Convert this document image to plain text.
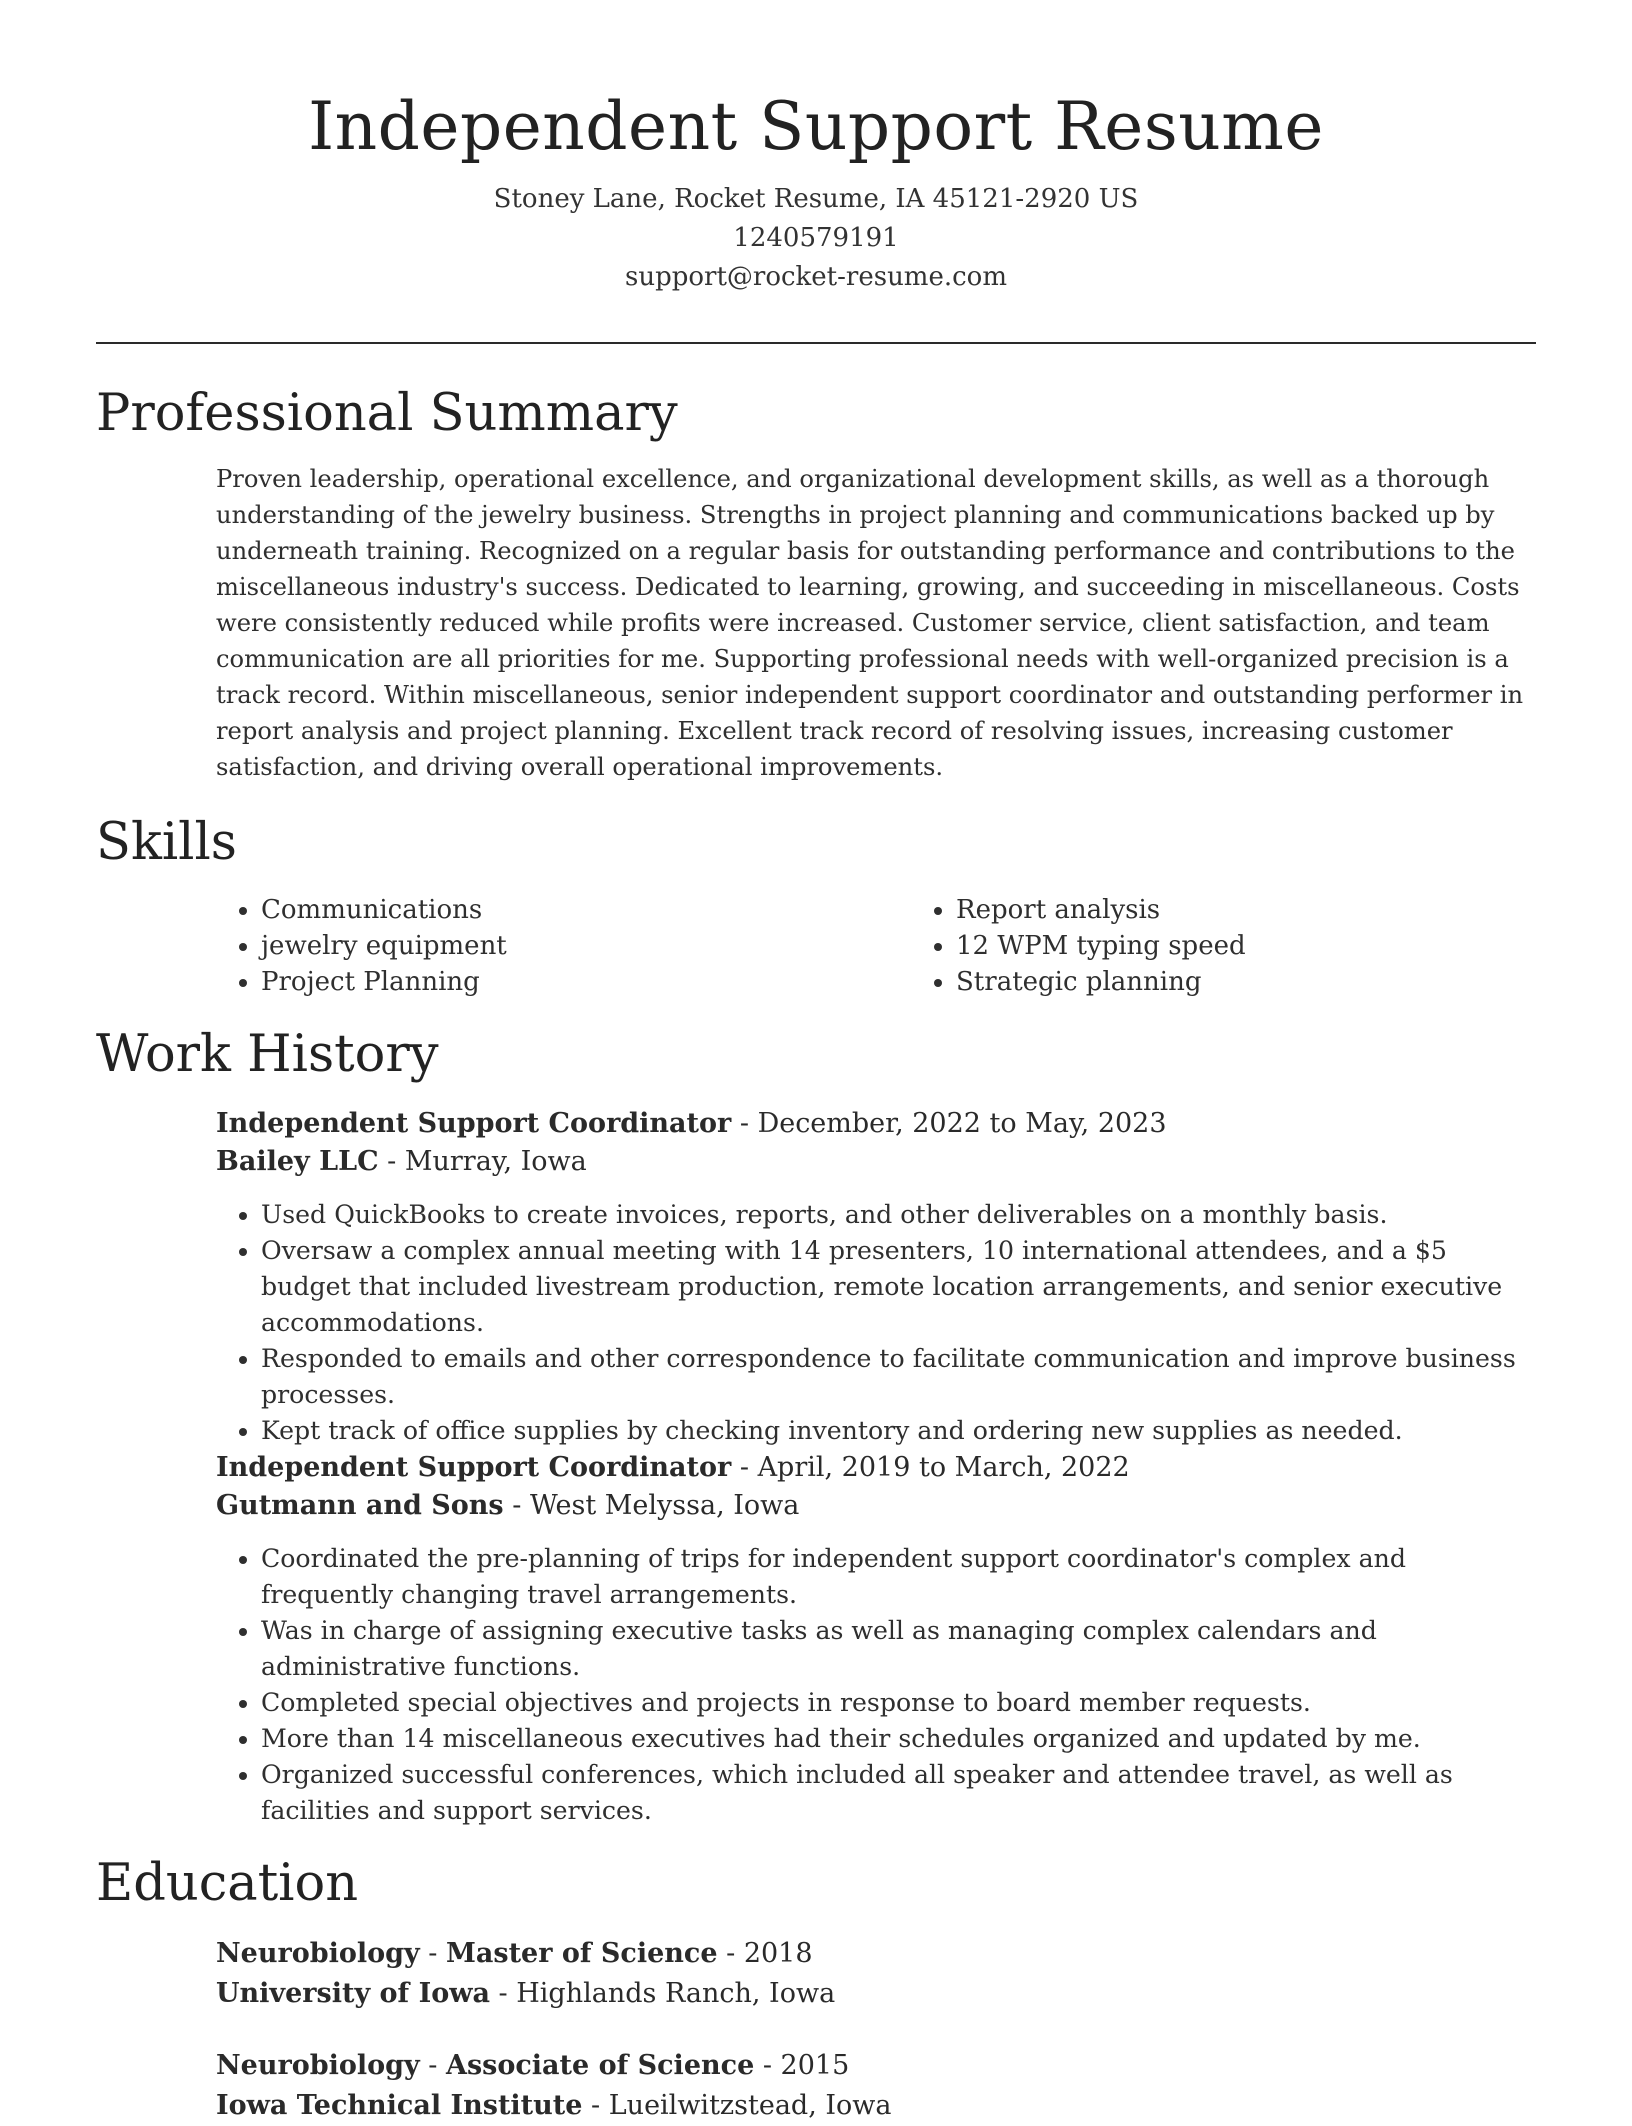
Independent Support Resume
Stoney Lane, Rocket Resume, IA 45121-2920 US
1240579191
support@rocket-resume.com
Professional Summary

Proven leadership, operational excellence, and organizational development skills, as well as a thorough understanding of the jewelry business. Strengths in project planning and communications backed up by underneath training. Recognized on a regular basis for outstanding performance and contributions to the miscellaneous industry's success. Dedicated to learning, growing, and succeeding in miscellaneous. Costs were consistently reduced while profits were increased. Customer service, client satisfaction, and team communication are all priorities for me. Supporting professional needs with well-organized precision is a track record. Within miscellaneous, senior independent support coordinator and outstanding performer in report analysis and project planning. Excellent track record of resolving issues, increasing customer satisfaction, and driving overall operational improvements.

Skills
• Communications
• jewelry equipment
• Project Planning
• Report analysis
• 12 WPM typing speed
• Strategic planning
Work History
Independent Support Coordinator - December, 2022 to May, 2023
Bailey LLC - Murray, Iowa
• Used QuickBooks to create invoices, reports, and other deliverables on a monthly basis.
• Oversaw a complex annual meeting with 14 presenters, 10 international attendees, and a $5 budget that included livestream production, remote location arrangements, and senior executive accommodations.
• Responded to emails and other correspondence to facilitate communication and improve business processes.
• Kept track of office supplies by checking inventory and ordering new supplies as needed.
Independent Support Coordinator - April, 2019 to March, 2022
Gutmann and Sons - West Melyssa, Iowa
• Coordinated the pre-planning of trips for independent support coordinator's complex and frequently changing travel arrangements.
• Was in charge of assigning executive tasks as well as managing complex calendars and administrative functions.
• Completed special objectives and projects in response to board member requests.
• More than 14 miscellaneous executives had their schedules organized and updated by me.
• Organized successful conferences, which included all speaker and attendee travel, as well as facilities and support services.
Education
Neurobiology - Master of Science - 2018
University of Iowa - Highlands Ranch, Iowa
Neurobiology - Associate of Science - 2015
Iowa Technical Institute - Lueilwitzstead, Iowa
